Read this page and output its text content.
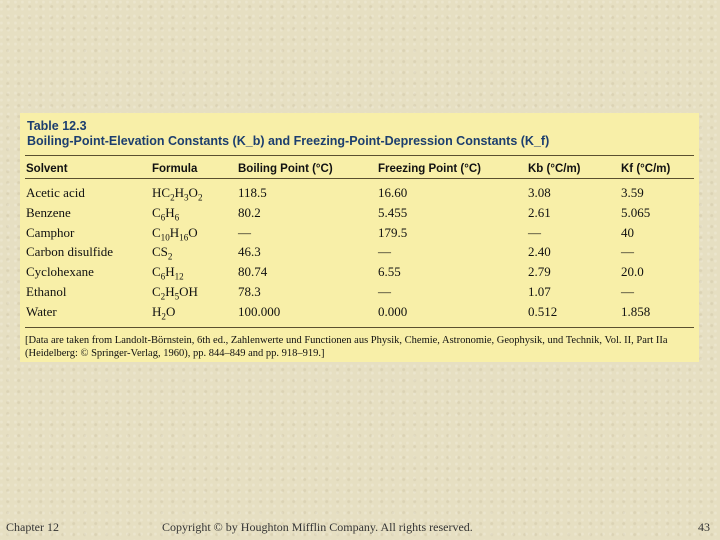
Table 12.3
Boiling-Point-Elevation Constants (K_b) and Freezing-Point-Depression Constants (K_f)
Solvent	Formula	Boiling Point (°C)	Freezing Point (°C)	Kb (°C/m)	Kf (°C/m)
Acetic acid	$HC_2H_3O_2$	118.5	16.60	3.08	3.59
Benzene	$C_6H_6$	80.2	5.455	2.61	5.065
Camphor	$C_{10}H_{16}O$	—	179.5	—	40
Carbon disulfide	$CS_2$	46.3	—	2.40	—
Cyclohexane	$C_6H_{12}$	80.74	6.55	2.79	20.0
Ethanol	$C_2H_5OH$	78.3	—	1.07	—
Water	$H_2O$	100.000	0.000	0.512	1.858
[Data are taken from Landolt-Börnstein, 6th ed., Zahlenwerte und Functionen aus Physik, Chemie, Astronomie, Geophysik, und Technik, Vol. II, Part IIa (Heidelberg: © Springer-Verlag, 1960), pp. 844–849 and pp. 918–919.]
Chapter 12	Copyright © by Houghton Mifflin Company. All rights reserved.	43
